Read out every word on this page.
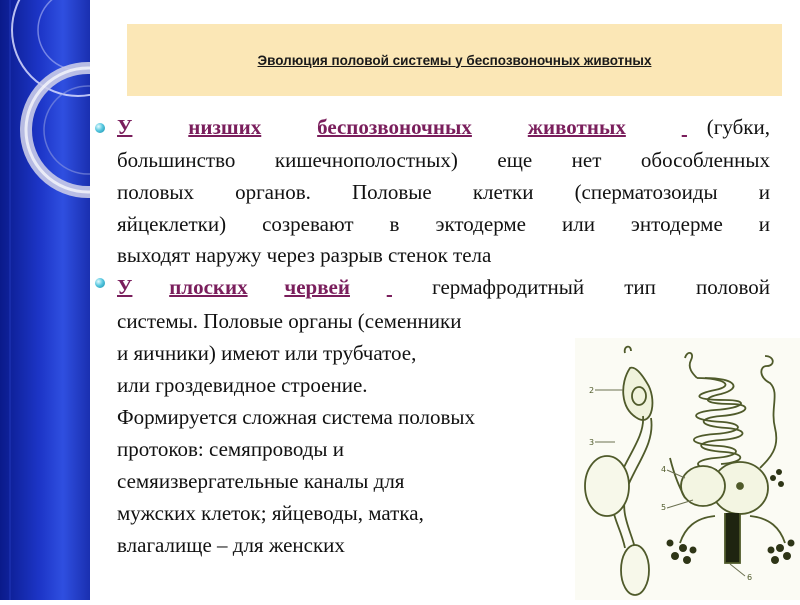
Эволюция половой системы у беспозвоночных животных
У	низших	беспозвоночных	животных
	(губки,
большинство кишечнополостных) еще нет обособленных
половых органов. Половые клетки (сперматозоиды и
яйцеклетки) созревают в эктодерме или энтодерме и
выходят наружу через разрыв стенок тела
У плоских червей
	гермафродитный тип половой
системы. Половые органы (семенники
и яичники) имеют или трубчатое,
или гроздевидное строение.
Формируется сложная система половых
протоков: семяпроводы и
семяизвергательные каналы для
мужских клеток; яйцеводы, матка,
влагалище – для женских
2
3
4
5
6
